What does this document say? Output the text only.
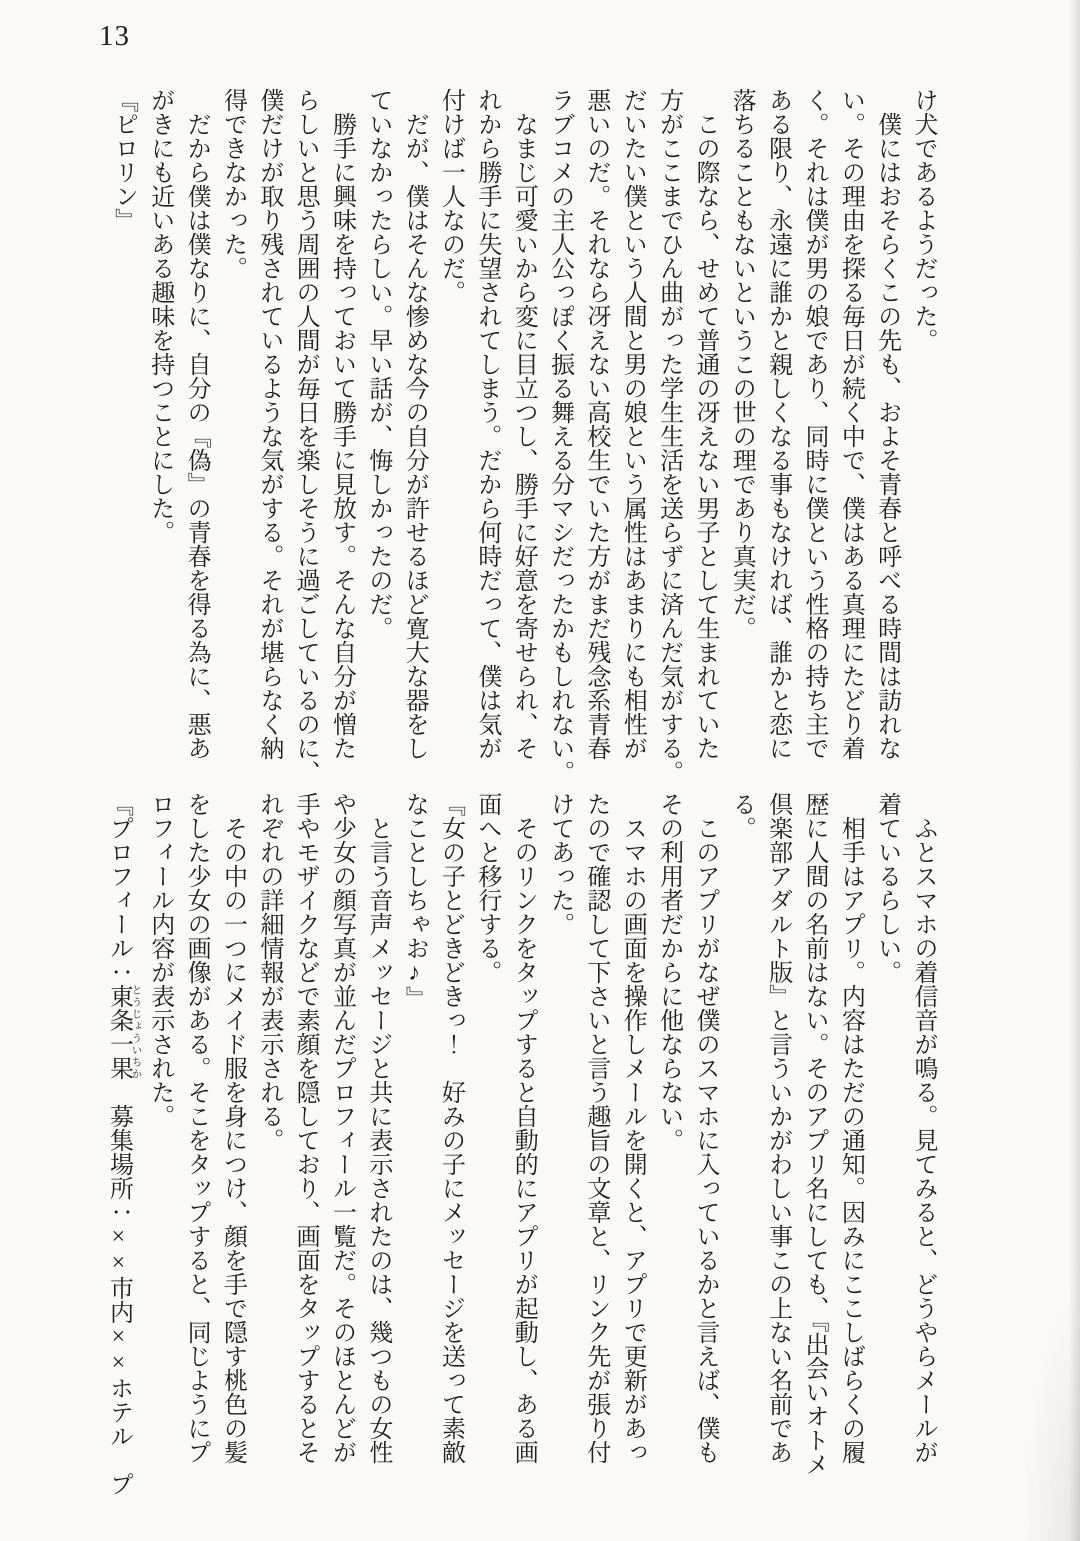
13
け犬であるようだった。
　僕にはおそらくこの先も、およそ青春と呼べる時間は訪れな
い。その理由を探る毎日が続く中で、僕はある真理にたどり着
く。それは僕が男の娘であり、同時に僕という性格の持ち主で
ある限り、永遠に誰かと親しくなる事もなければ、誰かと恋に
落ちることもないというこの世の理であり真実だ。
　この際なら、せめて普通の冴えない男子として生まれていた
方がここまでひん曲がった学生生活を送らずに済んだ気がする。
だいたい僕という人間と男の娘という属性はあまりにも相性が
悪いのだ。それなら冴えない高校生でいた方がまだ残念系青春
ラブコメの主人公っぽく振る舞える分マシだったかもしれない。
　なまじ可愛いから変に目立つし、勝手に好意を寄せられ、そ
れから勝手に失望されてしまう。だから何時だって、僕は気が
付けば一人なのだ。
　だが、僕はそんな惨めな今の自分が許せるほど寛大な器をし
ていなかったらしい。早い話が、悔しかったのだ。
　勝手に興味を持っておいて勝手に見放す。そんな自分が憎た
らしいと思う周囲の人間が毎日を楽しそうに過ごしているのに、
僕だけが取り残されているような気がする。それが堪らなく納
得できなかった。
　だから僕は僕なりに、自分の『偽』の青春を得る為に、悪あ
がきにも近いある趣味を持つことにした。
『ピロリン』
　ふとスマホの着信音が鳴る。見てみると、どうやらメールが
着ているらしい。
　相手はアプリ。内容はただの通知。因みにここしばらくの履
歴に人間の名前はない。そのアプリ名にしても、『出会いオトメ
倶楽部アダルト版』と言ういかがわしい事この上ない名前であ
る。
　このアプリがなぜ僕のスマホに入っているかと言えば、僕も
その利用者だからに他ならない。
　スマホの画面を操作しメールを開くと、アプリで更新があっ
たので確認して下さいと言う趣旨の文章と、リンク先が張り付
けてあった。
　そのリンクをタップすると自動的にアプリが起動し、ある画
面へと移行する。
『女の子とどきどきっ！　好みの子にメッセージを送って素敵
なことしちゃお♪』
　と言う音声メッセージと共に表示されたのは、幾つもの女性
や少女の顔写真が並んだプロフィール一覧だ。そのほとんどが
手やモザイクなどで素顔を隠しており、画面をタップするとそ
れぞれの詳細情報が表示される。
　その中の一つにメイド服を身につけ、顔を手で隠す桃色の髪
をした少女の画像がある。そこをタップすると、同じようにプ
ロフィール内容が表示された。
『プロフィール：東条一果 とうじょういちか　募集場所：××市内××ホテル　プ
